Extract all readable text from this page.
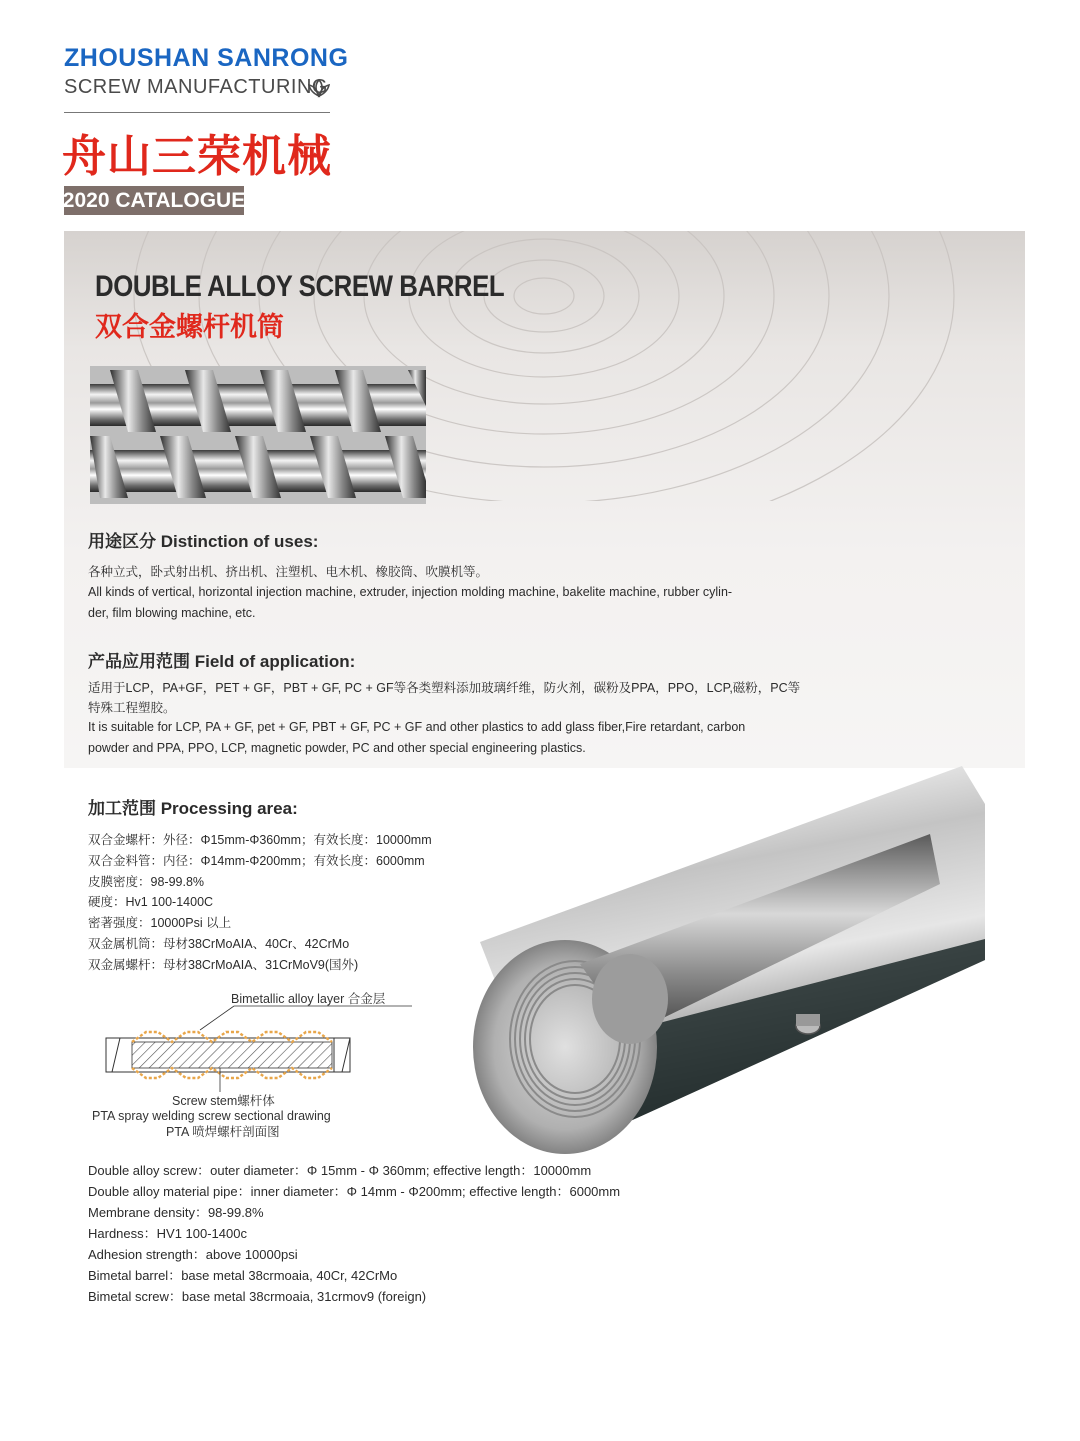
ZHOUSHAN SANRONG
SCREW MANUFACTURING
舟山三荣机械
2020 CATALOGUE
DOUBLE ALLOY SCREW BARREL
双合金螺杆机筒
用途区分 Distinction of uses:
各种立式，卧式射出机、挤出机、注塑机、电木机、橡胶筒、吹膜机等。
All kinds of vertical, horizontal injection machine, extruder, injection molding machine, bakelite machine, rubber cylin-
der, film blowing machine, etc.
产品应用范围 Field of application:
适用于LCP，PA+GF，PET + GF，PBT + GF, PC + GF等各类塑料添加玻璃纤维，防火剂，碳粉及PPA，PPO，LCP,磁粉，PC等
特殊工程塑胶。
It is suitable for LCP, PA + GF, pet + GF, PBT + GF, PC + GF and other plastics to add glass fiber,Fire retardant, carbon
powder and PPA, PPO, LCP, magnetic powder, PC and other special engineering plastics.
加工范围 Processing area:
双合金螺杆：外径：Φ15mm-Φ360mm；有效长度：10000mm
双合金料管：内径：Φ14mm-Φ200mm；有效长度：6000mm
皮膜密度：98-99.8%
硬度：Hv1 100-1400C
密著强度：10000Psi 以上
双金属机筒：母材38CrMoAIA、40Cr、42CrMo
双金属螺杆：母材38CrMoAIA、31CrMoV9(国外)
Bimetallic alloy layer 合金层
Screw stem螺杆体
PTA spray welding screw sectional drawing
PTA 喷焊螺杆剖面图
Double alloy screw：outer diameter：Φ 15mm - Φ 360mm; effective length：10000mm
Double alloy material pipe：inner diameter：Φ 14mm - Φ200mm; effective length：6000mm
Membrane density：98-99.8%
Hardness：HV1 100-1400c
Adhesion strength：above 10000psi
Bimetal barrel：base metal 38crmoaia, 40Cr, 42CrMo
Bimetal screw：base metal 38crmoaia, 31crmov9 (foreign)
